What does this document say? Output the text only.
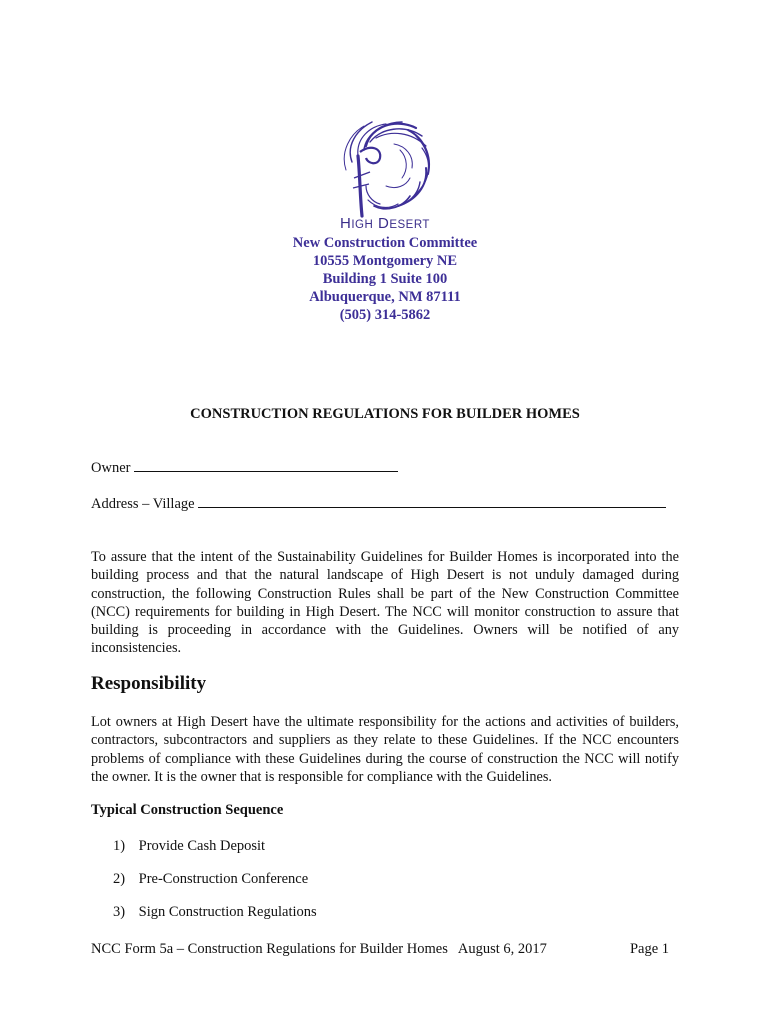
HIGH DESERT
New Construction Committee
10555 Montgomery NE
Building 1 Suite 100
Albuquerque, NM 87111
(505) 314-5862
CONSTRUCTION REGULATIONS FOR BUILDER HOMES
Owner
Address – Village
To assure that the intent of the Sustainability Guidelines for Builder Homes is incorporated into the building process and that the natural landscape of High Desert is not unduly damaged during construction, the following Construction Rules shall be part of the New Construction Committee (NCC) requirements for building in High Desert. The NCC will monitor construction to assure that building is proceeding in accordance with the Guidelines. Owners will be notified of any inconsistencies.
Responsibility
Lot owners at High Desert have the ultimate responsibility for the actions and activities of builders, contractors, subcontractors and suppliers as they relate to these Guidelines. If the NCC encounters problems of compliance with these Guidelines during the course of construction the NCC will notify the owner. It is the owner that is responsible for compliance with the Guidelines.
Typical Construction Sequence
1) Provide Cash Deposit
2) Pre-Construction Conference
3) Sign Construction Regulations
NCC Form 5a – Construction Regulations for Builder Homes   August 6, 2017	Page 1
